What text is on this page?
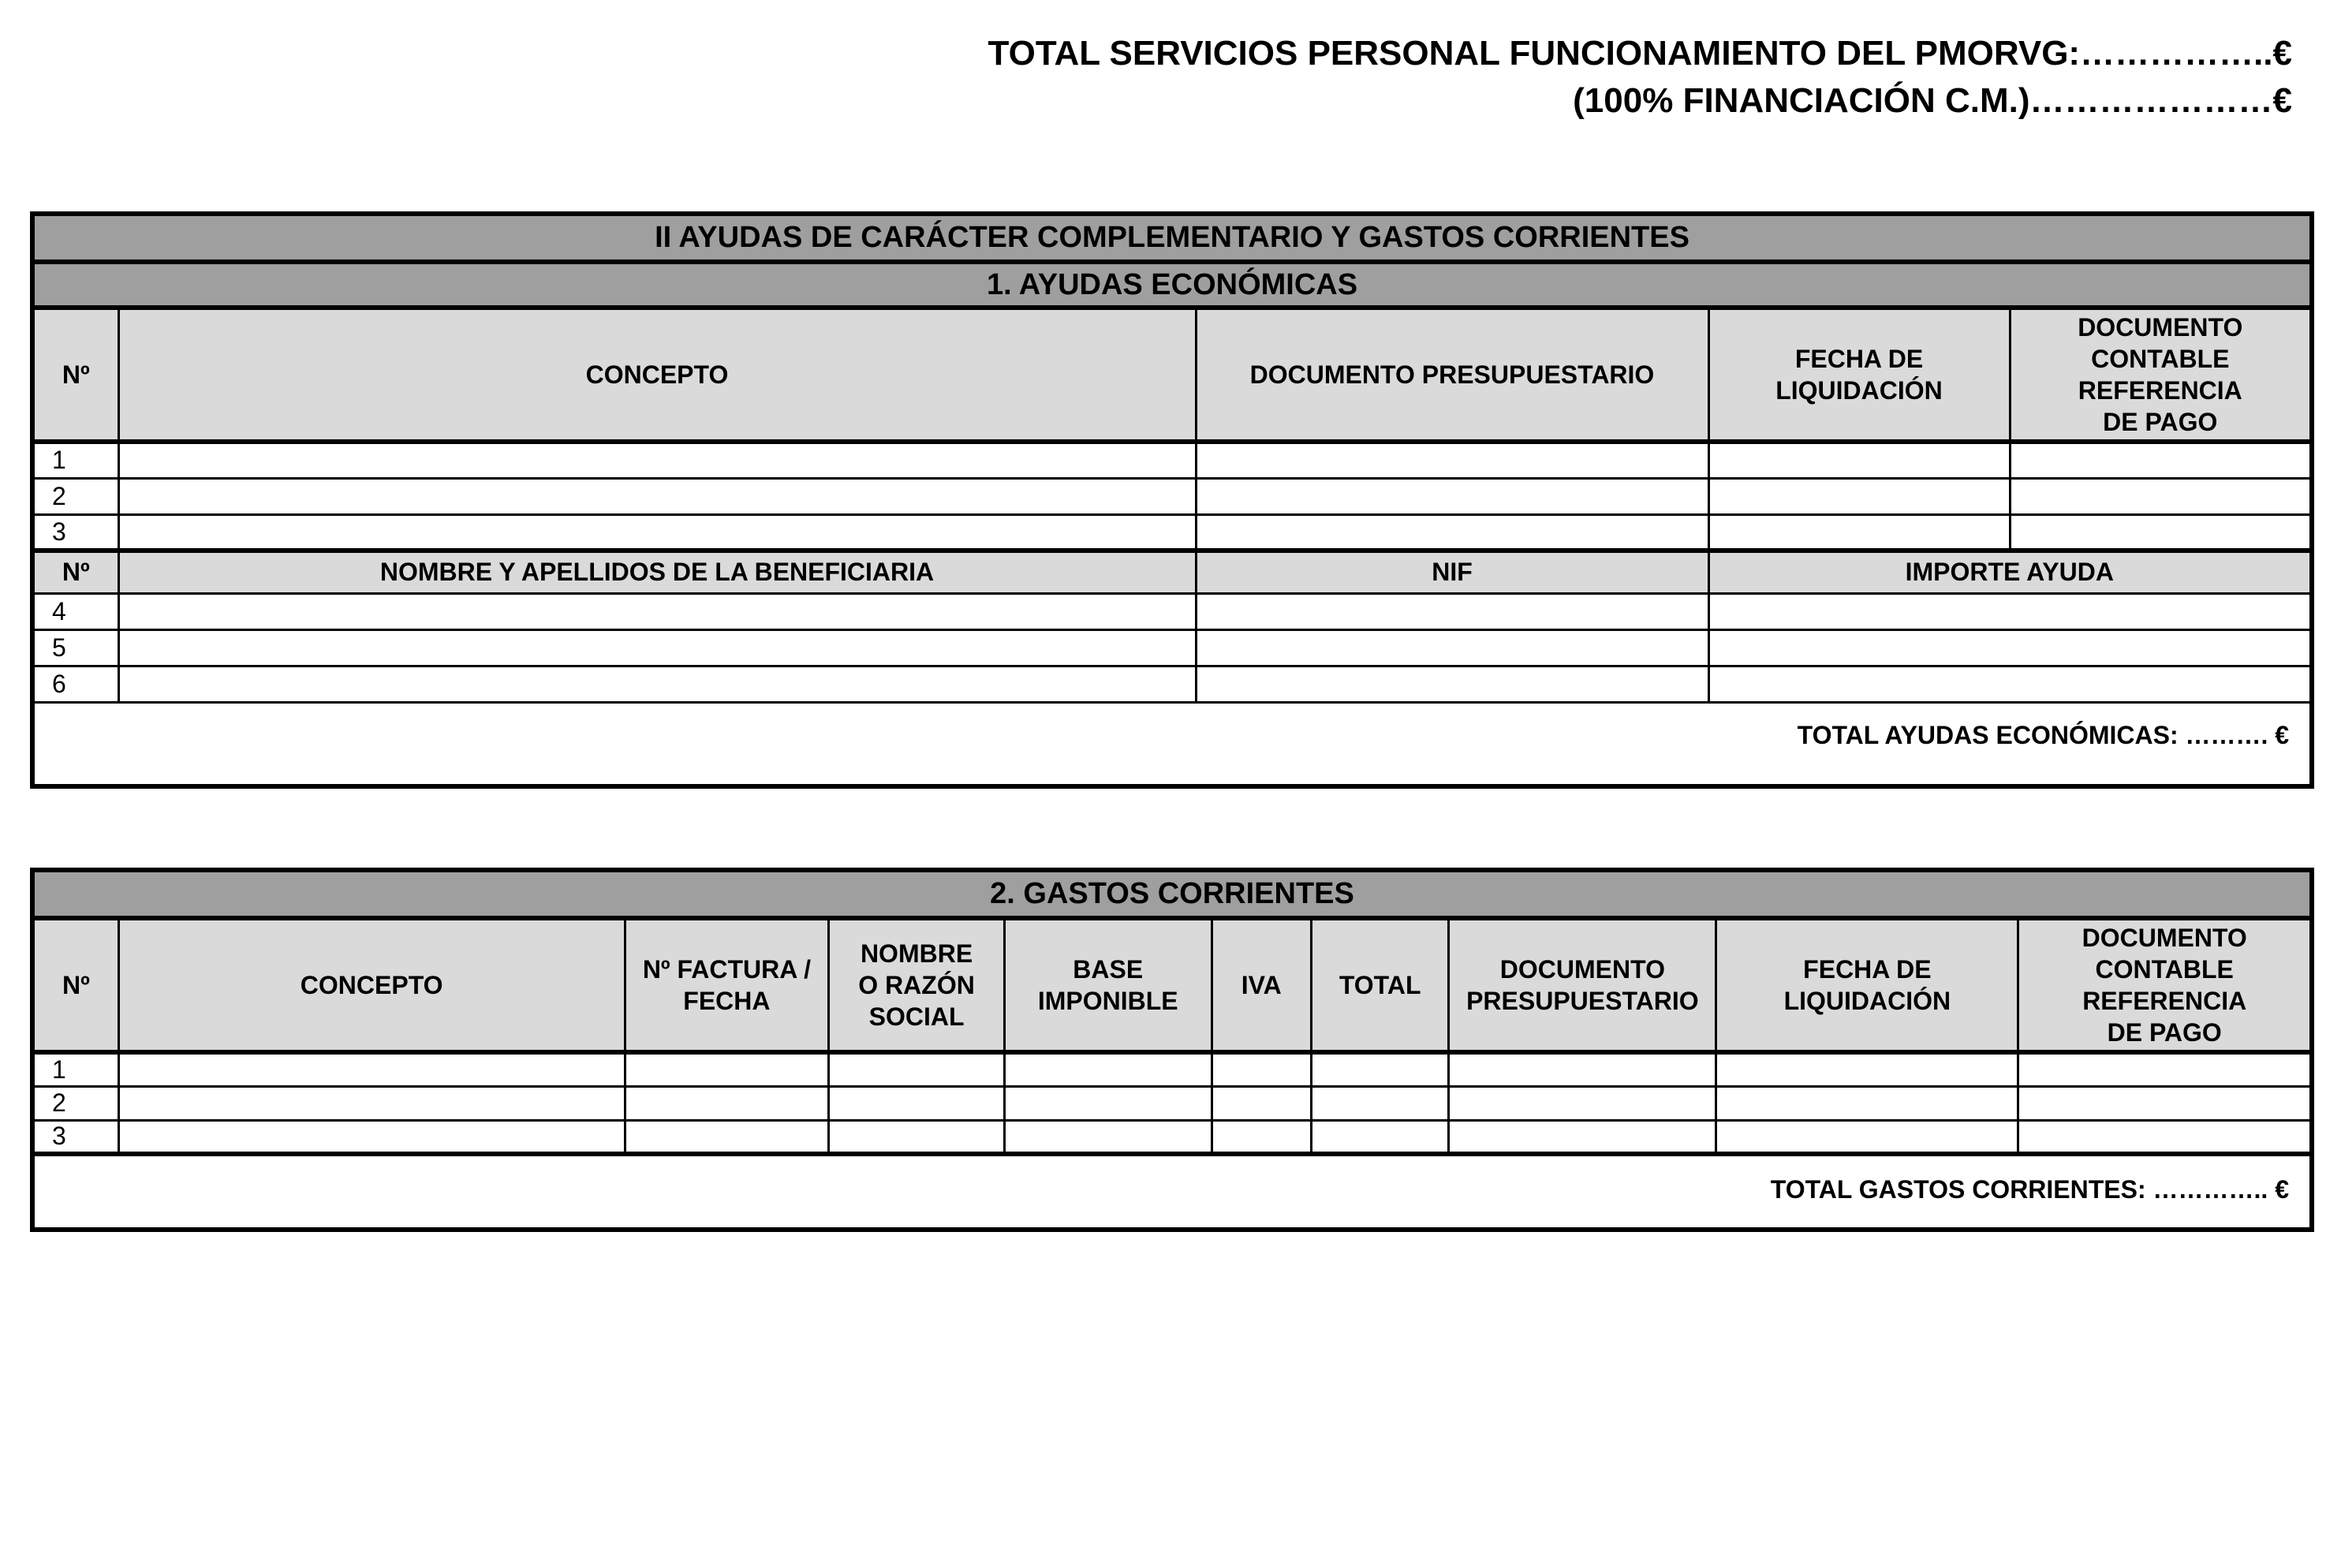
TOTAL SERVICIOS PERSONAL FUNCIONAMIENTO DEL PMORVG:……………..€
(100% FINANCIACIÓN C.M.)…………………€
II AYUDAS DE CARÁCTER COMPLEMENTARIO Y GASTOS CORRIENTES				
1. AYUDAS ECONÓMICAS				
Nº	CONCEPTO	DOCUMENTO PRESUPUESTARIO	FECHA DE LIQUIDACIÓN	DOCUMENTO CONTABLE REFERENCIA DE PAGO
1				
2				
3				
Nº	NOMBRE Y APELLIDOS DE LA BENEFICIARIA	NIF	IMPORTE AYUDA	
4				
5				
6				
TOTAL AYUDAS ECONÓMICAS: ………. €				
2. GASTOS CORRIENTES									
Nº	CONCEPTO	Nº FACTURA / FECHA	NOMBRE O RAZÓN SOCIAL	BASE IMPONIBLE	IVA	TOTAL	DOCUMENTO PRESUPUESTARIO	FECHA DE LIQUIDACIÓN	DOCUMENTO CONTABLE REFERENCIA DE PAGO
1									
2									
3									
TOTAL GASTOS CORRIENTES: ………….. €									
